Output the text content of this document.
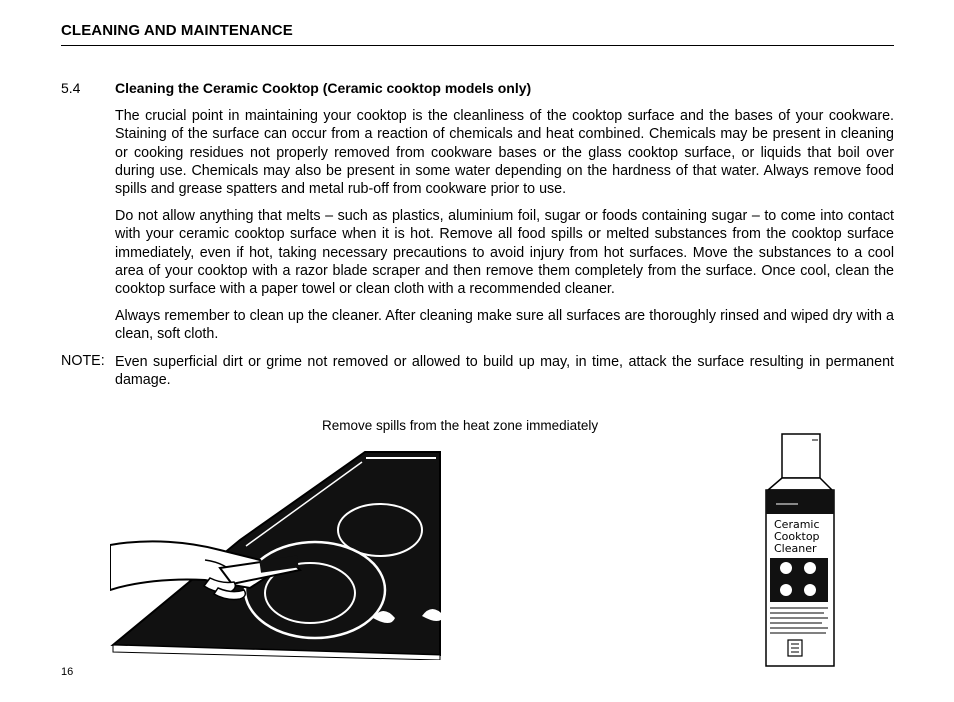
CLEANING AND MAINTENANCE
5.4 Cleaning the Ceramic Cooktop (Ceramic cooktop models only)
The crucial point in maintaining your cooktop is the cleanliness of the cooktop surface and the bases of your cookware. Staining of the surface can occur from a reaction of chemicals and heat combined. Chemicals may be present in cleaning or cooking residues not properly removed from cookware bases or the glass cooktop surface, or liquids that boil over during use. Chemicals may also be present in some water depending on the hardness of that water. Always remove food spills and grease spatters and metal rub-off from cookware prior to use.
Do not allow anything that melts – such as plastics, aluminium foil, sugar or foods containing sugar – to come into contact with your ceramic cooktop surface when it is hot. Remove all food spills or melted substances from the cooktop surface immediately, even if hot, taking necessary precautions to avoid injury from hot surfaces. Move the substances to a cool area of your cooktop with a razor blade scraper and then remove them completely from the surface. Once cool, clean the cooktop surface with a paper towel or clean cloth with a recommended cleaner.
Always remember to clean up the cleaner. After cleaning make sure all surfaces are thoroughly rinsed and wiped dry with a clean, soft cloth.
NOTE: Even superficial dirt or grime not removed or allowed to build up may, in time, attack the surface resulting in permanent damage.
Remove spills from the heat zone immediately
Ceramic
Cooktop
Cleaner
16
